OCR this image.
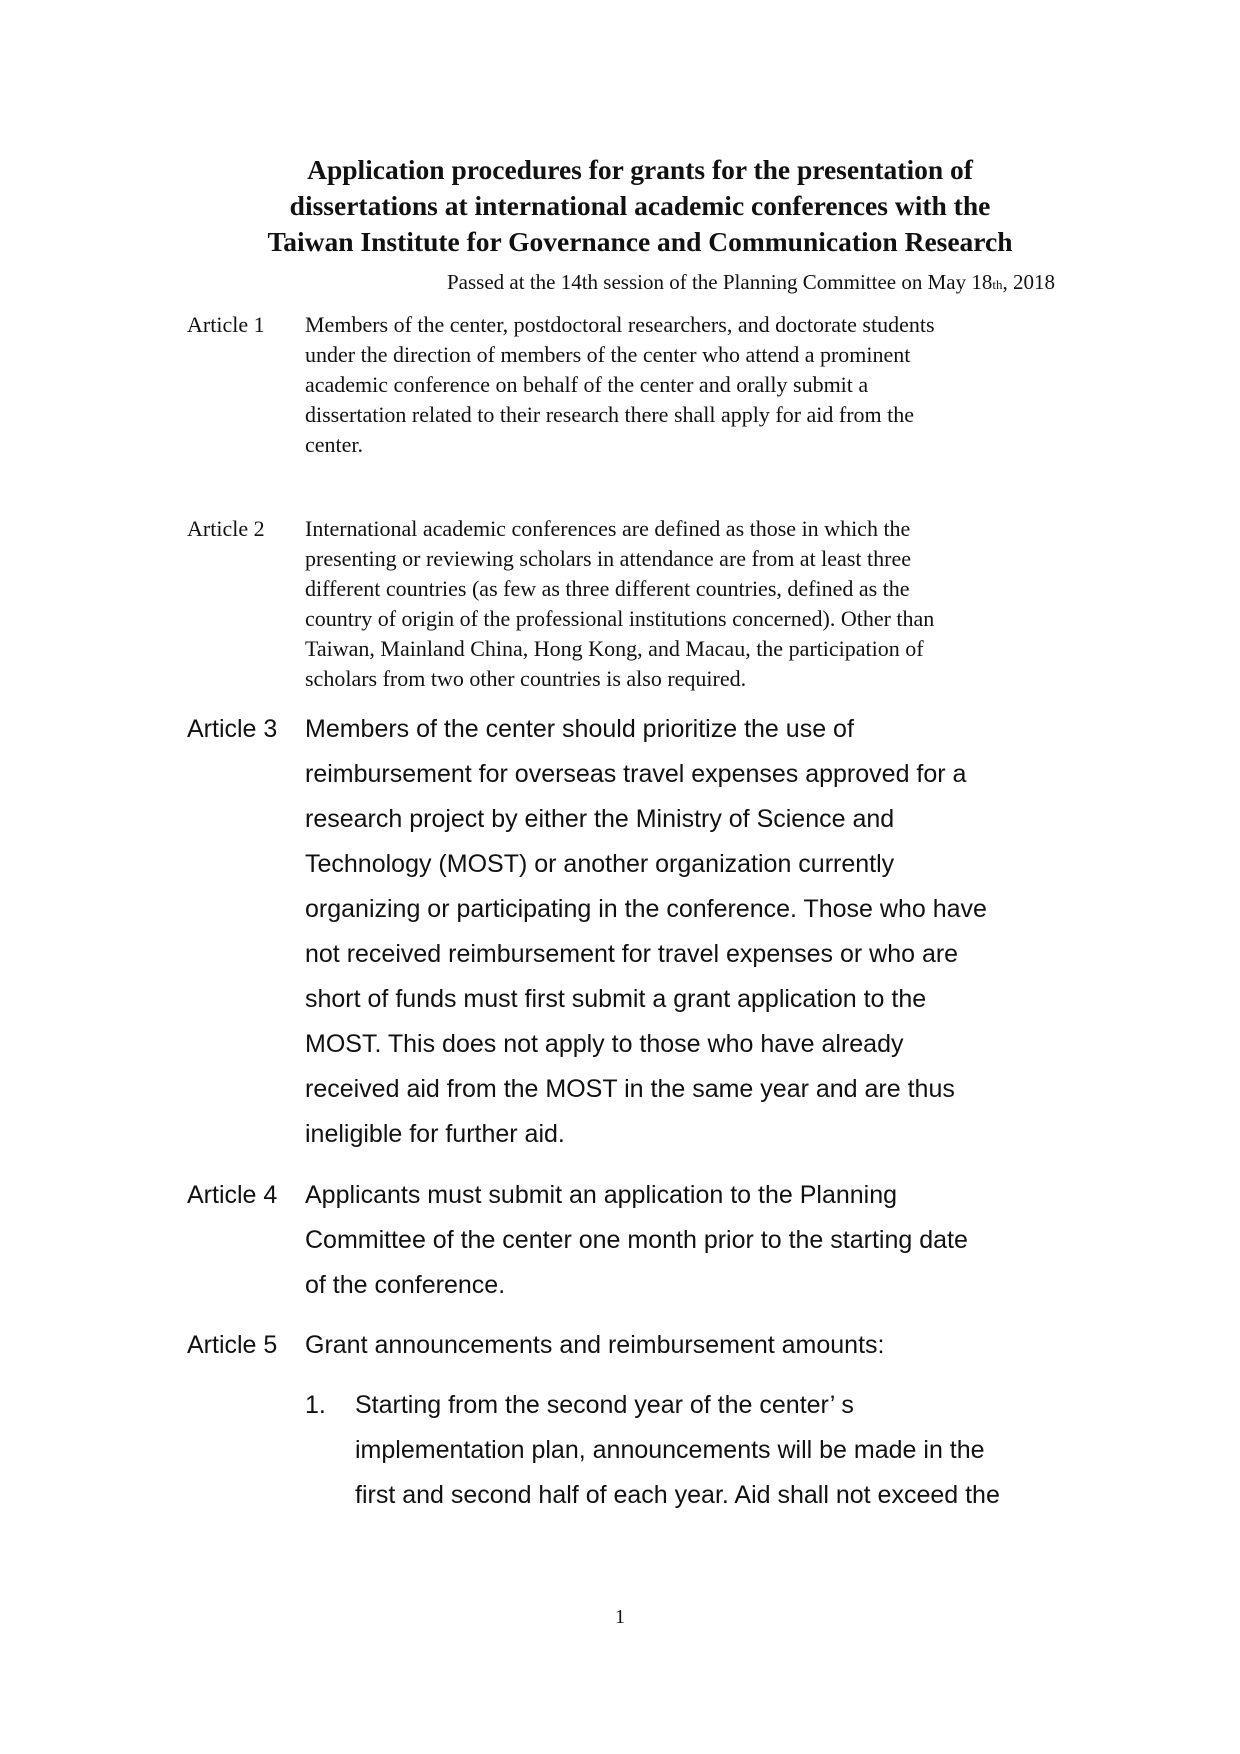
Application procedures for grants for the presentation of
dissertations at international academic conferences with the
Taiwan Institute for Governance and Communication Research
Passed at the 14th session of the Planning Committee on May 18th, 2018
Article 1 Members of the center, postdoctoral researchers, and doctorate students
under the direction of members of the center who attend a prominent
academic conference on behalf of the center and orally submit a
dissertation related to their research there shall apply for aid from the
center.
Article 2 International academic conferences are defined as those in which the
presenting or reviewing scholars in attendance are from at least three
different countries (as few as three different countries, defined as the
country of origin of the professional institutions concerned). Other than
Taiwan, Mainland China, Hong Kong, and Macau, the participation of
scholars from two other countries is also required.
Article 3 Members of the center should prioritize the use of
reimbursement for overseas travel expenses approved for a
research project by either the Ministry of Science and
Technology (MOST) or another organization currently
organizing or participating in the conference. Those who have
not received reimbursement for travel expenses or who are
short of funds must first submit a grant application to the
MOST. This does not apply to those who have already
received aid from the MOST in the same year and are thus
ineligible for further aid.
Article 4 Applicants must submit an application to the Planning
Committee of the center one month prior to the starting date
of the conference.
Article 5 Grant announcements and reimbursement amounts:
1. Starting from the second year of the center’ s
implementation plan, announcements will be made in the
first and second half of each year. Aid shall not exceed the
1
